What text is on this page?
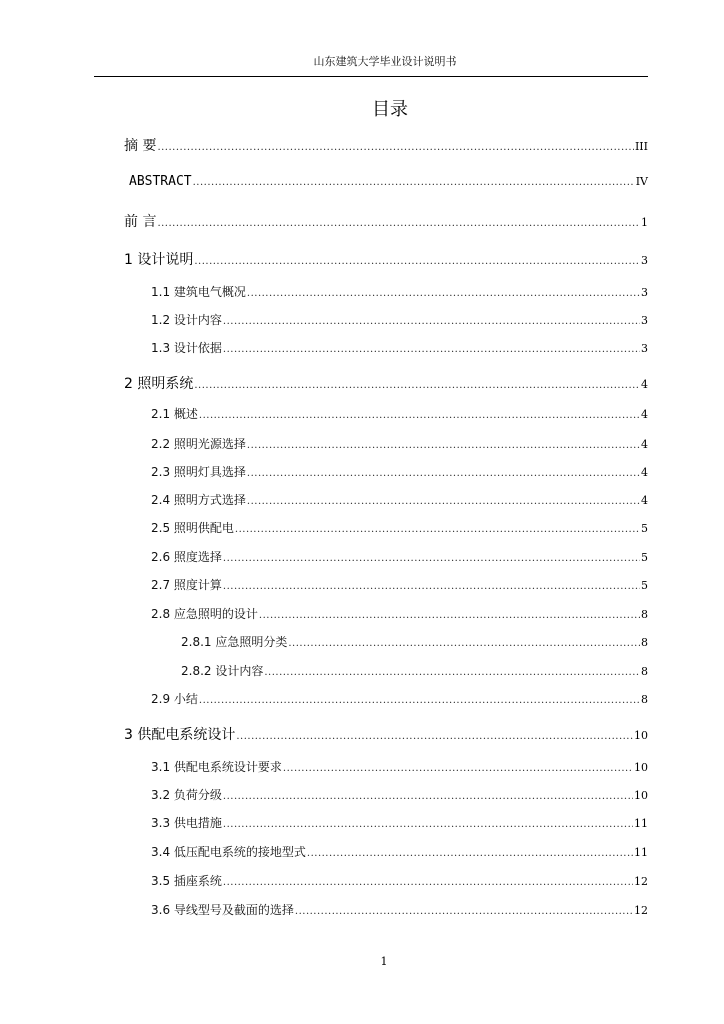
山东建筑大学毕业设计说明书
目录
摘 要 .....	III
ABSTRACT .....	IV
前 言 .....	1
1 设计说明 .....	3
1.1 建筑电气概况 .....	3
1.2 设计内容 .....	3
1.3 设计依据 .....	3
2 照明系统 .....	4
2.1 概述 .....	4
2.2 照明光源选择 .....	4
2.3 照明灯具选择 .....	4
2.4 照明方式选择 .....	4
2.5 照明供配电 .....	5
2.6 照度选择 .....	5
2.7 照度计算 .....	5
2.8 应急照明的设计 .....	8
2.8.1 应急照明分类 .....	8
2.8.2 设计内容 .....	8
2.9 小结 .....	8
3 供配电系统设计 .....	10
3.1 供配电系统设计要求 .....	10
3.2 负荷分级 .....	10
3.3 供电措施 .....	11
3.4 低压配电系统的接地型式 .....	11
3.5 插座系统 .....	12
3.6 导线型号及截面的选择 .....	12
1
